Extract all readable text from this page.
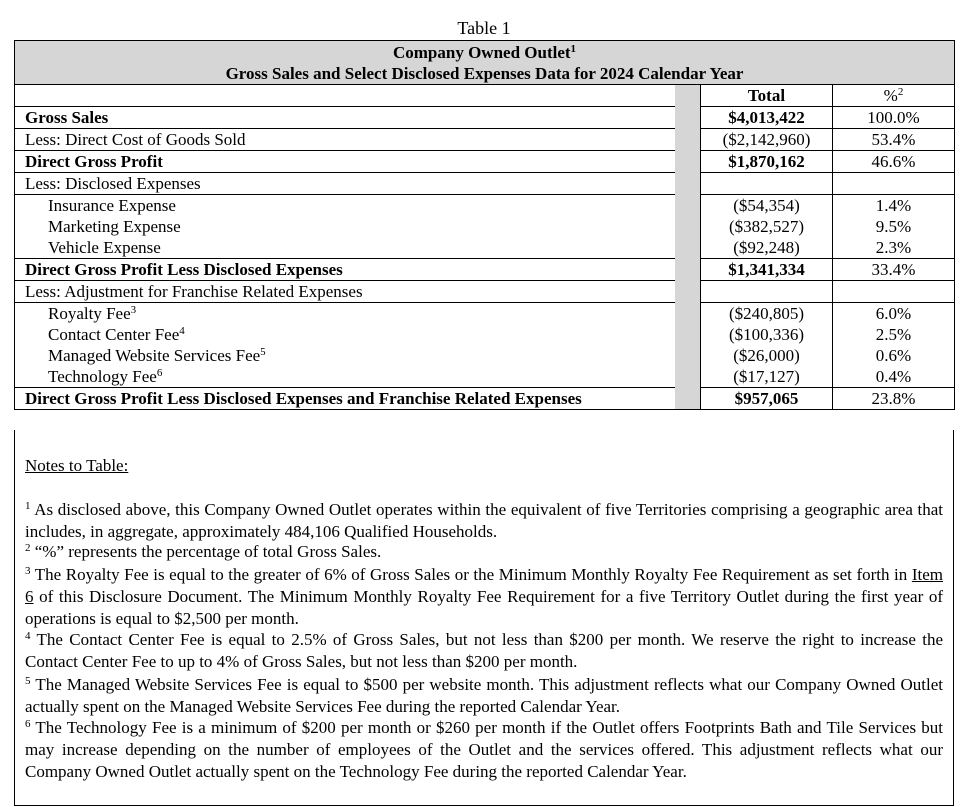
Table 1
Company Owned Outlet$^1$
Gross Sales and Select Disclosed Expenses Data for 2024 Calendar Year			
		Total	%$^2$
Gross Sales		$4,013,422	100.0%
Less: Direct Cost of Goods Sold		($2,142,960)	53.4%
Direct Gross Profit		$1,870,162	46.6%
Less: Disclosed Expenses			
Insurance Expense		($54,354)	1.4%
Marketing Expense		($382,527)	9.5%
Vehicle Expense		($92,248)	2.3%
Direct Gross Profit Less Disclosed Expenses		$1,341,334	33.4%
Less: Adjustment for Franchise Related Expenses			
Royalty Fee$^3$		($240,805)	6.0%
Contact Center Fee$^4$		($100,336)	2.5%
Managed Website Services Fee$^5$		($26,000)	0.6%
Technology Fee$^6$		($17,127)	0.4%
Direct Gross Profit Less Disclosed Expenses and Franchise Related Expenses		$957,065	23.8%
Notes to Table:
$^1$ As disclosed above, this Company Owned Outlet operates within the equivalent of five Territories comprising a geographic area that includes, in aggregate, approximately 484,106 Qualified Households.
$^2$ “%” represents the percentage of total Gross Sales.
$^3$ The Royalty Fee is equal to the greater of 6% of Gross Sales or the Minimum Monthly Royalty Fee Requirement as set forth in Item 6 of this Disclosure Document. The Minimum Monthly Royalty Fee Requirement for a five Territory Outlet during the first year of operations is equal to $2,500 per month.
$^4$ The Contact Center Fee is equal to 2.5% of Gross Sales, but not less than $200 per month. We reserve the right to increase the Contact Center Fee to up to 4% of Gross Sales, but not less than $200 per month.
$^5$ The Managed Website Services Fee is equal to $500 per website month. This adjustment reflects what our Company Owned Outlet actually spent on the Managed Website Services Fee during the reported Calendar Year.
$^6$ The Technology Fee is a minimum of $200 per month or $260 per month if the Outlet offers Footprints Bath and Tile Services but may increase depending on the number of employees of the Outlet and the services offered. This adjustment reflects what our Company Owned Outlet actually spent on the Technology Fee during the reported Calendar Year.
